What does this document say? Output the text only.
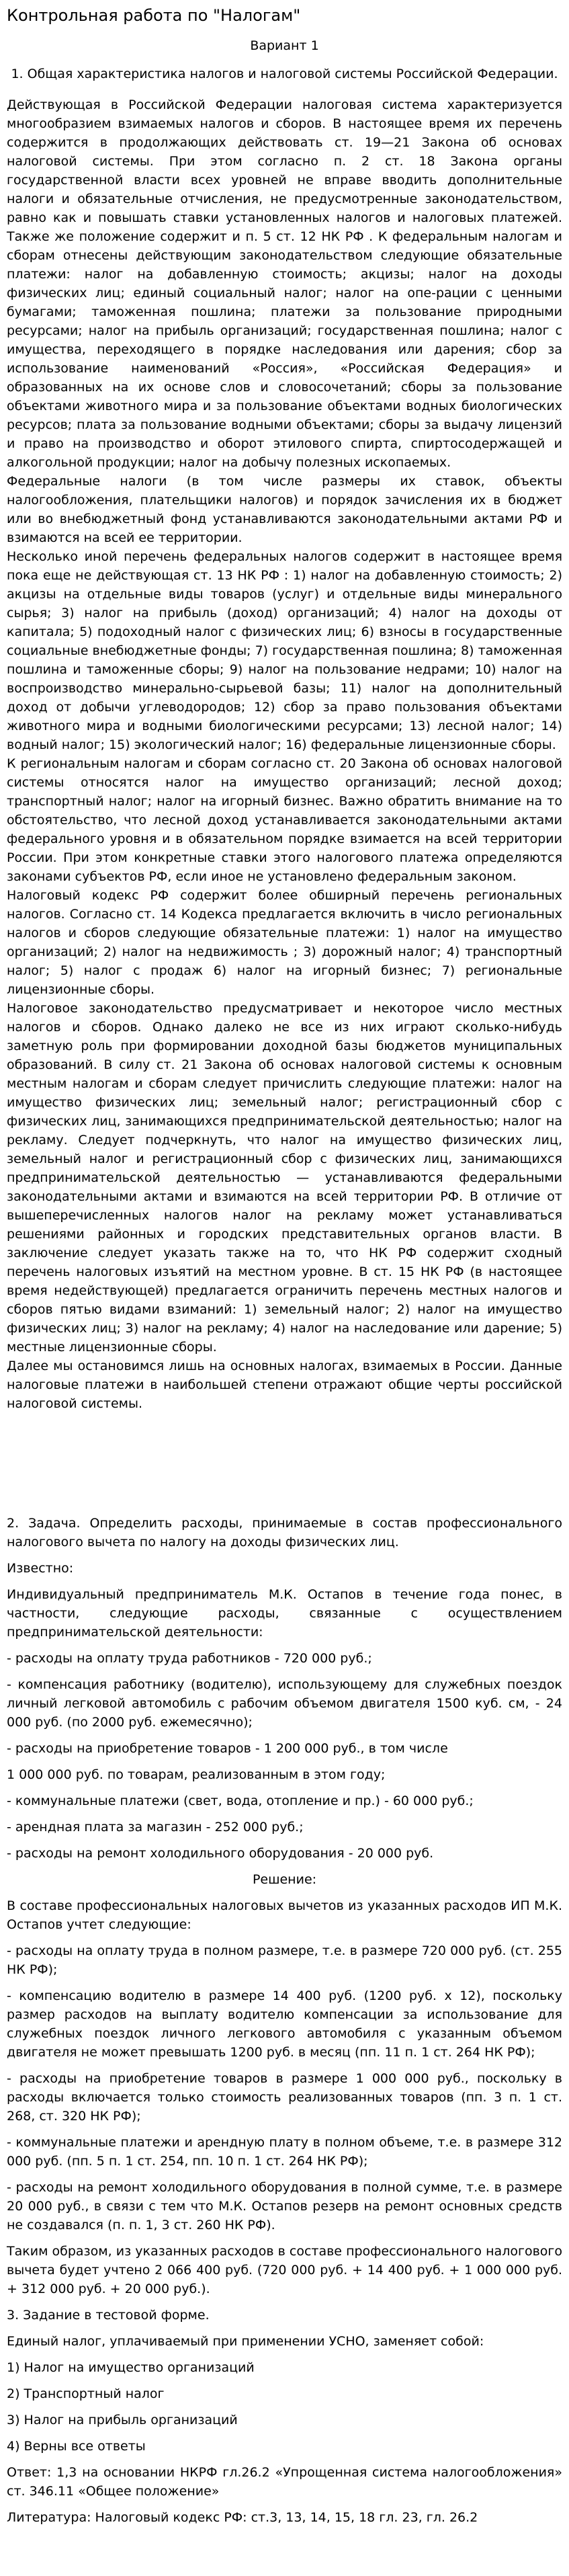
Контрольная работа по "Налогам"

Вариант 1

1. Общая характеристика налогов и налоговой системы Российской Федерации.

Действующая в Российской Федерации налоговая система характеризуется многообразием взимаемых налогов и сборов. В настоящее время их перечень содержится в продолжающих действовать ст. 19—21 Закона об основах налоговой системы. При этом согласно п. 2 ст. 18 Закона органы государственной власти всех уровней не вправе вводить дополнительные налоги и обязательные отчисления, не предусмотренные законодательством, равно как и повышать ставки установленных налогов и налоговых платежей. Также же положение содержит и п. 5 ст. 12 НК РФ . К федеральным налогам и сборам отнесены действующим законодательством следующие обязательные платежи: налог на добавленную стоимость; акцизы; налог на доходы физических лиц; единый социальный налог; налог на опе-рации с ценными бумагами; таможенная пошлина; платежи за пользование природными ресурсами; налог на прибыль организаций; государственная пошлина; налог с имущества, переходящего в порядке наследования или дарения; сбор за использование наименований «Россия», «Российская Федерация» и образованных на их основе слов и словосочетаний; сборы за пользование объектами животного мира и за пользование объектами водных биологических ресурсов; плата за пользование водными объектами; сборы за выдачу лицензий и право на производство и оборот этилового спирта, спиртосодержащей и алкогольной продукции; налог на добычу полезных ископаемых.

Федеральные налоги (в том числе размеры их ставок, объекты налогообложения, плательщики налогов) и порядок зачисления их в бюджет или во внебюджетный фонд устанавливаются законодательными актами РФ и взимаются на всей ее территории.

Несколько иной перечень федеральных налогов содержит в настоящее время пока еще не действующая ст. 13 НК РФ : 1) налог на добавленную стоимость; 2) акцизы на отдельные виды товаров (услуг) и отдельные виды минерального сырья; 3) налог на прибыль (доход) организаций; 4) налог на доходы от капитала; 5) подоходный налог с физических лиц; 6) взносы в государственные социальные внебюджетные фонды; 7) государственная пошлина; 8) таможенная пошлина и таможенные сборы; 9) налог на пользование недрами; 10) налог на воспроизводство минерально-сырьевой базы; 11) налог на дополнительный доход от добычи углеводородов; 12) сбор за право пользования объектами животного мира и водными биологическими ресурсами; 13) лесной налог; 14) водный налог; 15) экологический налог; 16) федеральные лицензионные сборы.

К региональным налогам и сборам согласно ст. 20 Закона об основах налоговой системы относятся налог на имущество организаций; лесной доход; транспортный налог; налог на игорный бизнес. Важно обратить внимание на то обстоятельство, что лесной доход устанавливается законодательными актами федерального уровня и в обязательном порядке взимается на всей территории России. При этом конкретные ставки этого налогового платежа определяются законами субъектов РФ, если иное не установлено федеральным законом.

Налоговый кодекс РФ содержит более обширный перечень региональных налогов. Согласно ст. 14 Кодекса предлагается включить в число региональных налогов и сборов следующие обязательные платежи: 1) налог на имущество организаций; 2) налог на недвижимость ; 3) дорожный налог; 4) транспортный налог; 5) налог с продаж 6) налог на игорный бизнес; 7) региональные лицензионные сборы.

Налоговое законодательство предусматривает и некоторое число местных налогов и сборов. Однако далеко не все из них играют сколько-нибудь заметную роль при формировании доходной базы бюджетов муниципальных образований. В силу ст. 21 Закона об основах налоговой системы к основным местным налогам и сборам следует причислить следующие платежи: налог на имущество физических лиц; земельный налог; регистрационный сбор с физических лиц, занимающихся предпринимательской деятельностью; налог на рекламу. Следует подчеркнуть, что налог на имущество физических лиц, земельный налог и регистрационный сбор с физических лиц, занимающихся предпринимательской деятельностью — устанавливаются федеральными законодательными актами и взимаются на всей территории РФ. В отличие от вышеперечисленных налогов налог на рекламу может устанавливаться решениями районных и городских представительных органов власти. В заключение следует указать также на то, что НК РФ содержит сходный перечень налоговых изъятий на местном уровне. В ст. 15 НК РФ (в настоящее время недействующей) предлагается ограничить перечень местных налогов и сборов пятью видами взиманий: 1) земельный налог; 2) налог на имущество физических лиц; 3) налог на рекламу; 4) налог на наследование или дарение; 5) местные лицензионные сборы.

Далее мы остановимся лишь на основных налогах, взимаемых в России. Данные налоговые платежи в наибольшей степени отражают общие черты российской налоговой системы.

2. Задача. Определить расходы, принимаемые в состав профессионального налогового вычета по налогу на доходы физических лиц.

Известно:

Индивидуальный предприниматель М.К. Остапов в течение года понес, в частности, следующие расходы, связанные с осуществлением предпринимательской деятельности:

- расходы на оплату труда работников - 720 000 руб.;

- компенсация работнику (водителю), использующему для служебных поездок личный легковой автомобиль с рабочим объемом двигателя 1500 куб. см, - 24 000 руб. (по 2000 руб. ежемесячно);

- расходы на приобретение товаров - 1 200 000 руб., в том числе

1 000 000 руб. по товарам, реализованным в этом году;

- коммунальные платежи (свет, вода, отопление и пр.) - 60 000 руб.;

- арендная плата за магазин - 252 000 руб.;

- расходы на ремонт холодильного оборудования - 20 000 руб.

Решение:

В составе профессиональных налоговых вычетов из указанных расходов ИП М.К. Остапов учтет следующие:

- расходы на оплату труда в полном размере, т.е. в размере 720 000 руб. (ст. 255 НК РФ);

- компенсацию водителю в размере 14 400 руб. (1200 руб. х 12), поскольку размер расходов на выплату водителю компенсации за использование для служебных поездок личного легкового автомобиля с указанным объемом двигателя не может превышать 1200 руб. в месяц (пп. 11 п. 1 ст. 264 НК РФ);

- расходы на приобретение товаров в размере 1 000 000 руб., поскольку в расходы включается только стоимость реализованных товаров (пп. 3 п. 1 ст. 268, ст. 320 НК РФ);

- коммунальные платежи и арендную плату в полном объеме, т.е. в размере 312 000 руб. (пп. 5 п. 1 ст. 254, пп. 10 п. 1 ст. 264 НК РФ);

- расходы на ремонт холодильного оборудования в полной сумме, т.е. в размере 20 000 руб., в связи с тем что М.К. Остапов резерв на ремонт основных средств не создавался (п. п. 1, 3 ст. 260 НК РФ).

Таким образом, из указанных расходов в составе профессионального налогового вычета будет учтено 2 066 400 руб. (720 000 руб. + 14 400 руб. + 1 000 000 руб. + 312 000 руб. + 20 000 руб.).

3. Задание в тестовой форме.

Единый налог, уплачиваемый при применении УСНО, заменяет собой:

1) Налог на имущество организаций

2) Транспортный налог

3) Налог на прибыль организаций

4) Верны все ответы

Ответ: 1,3 на основании НКРФ гл.26.2 «Упрощенная система налогообложения» ст. 346.11 «Общее положение»

Литература: Налоговый кодекс РФ: ст.3, 13, 14, 15, 18 гл. 23, гл. 26.2
